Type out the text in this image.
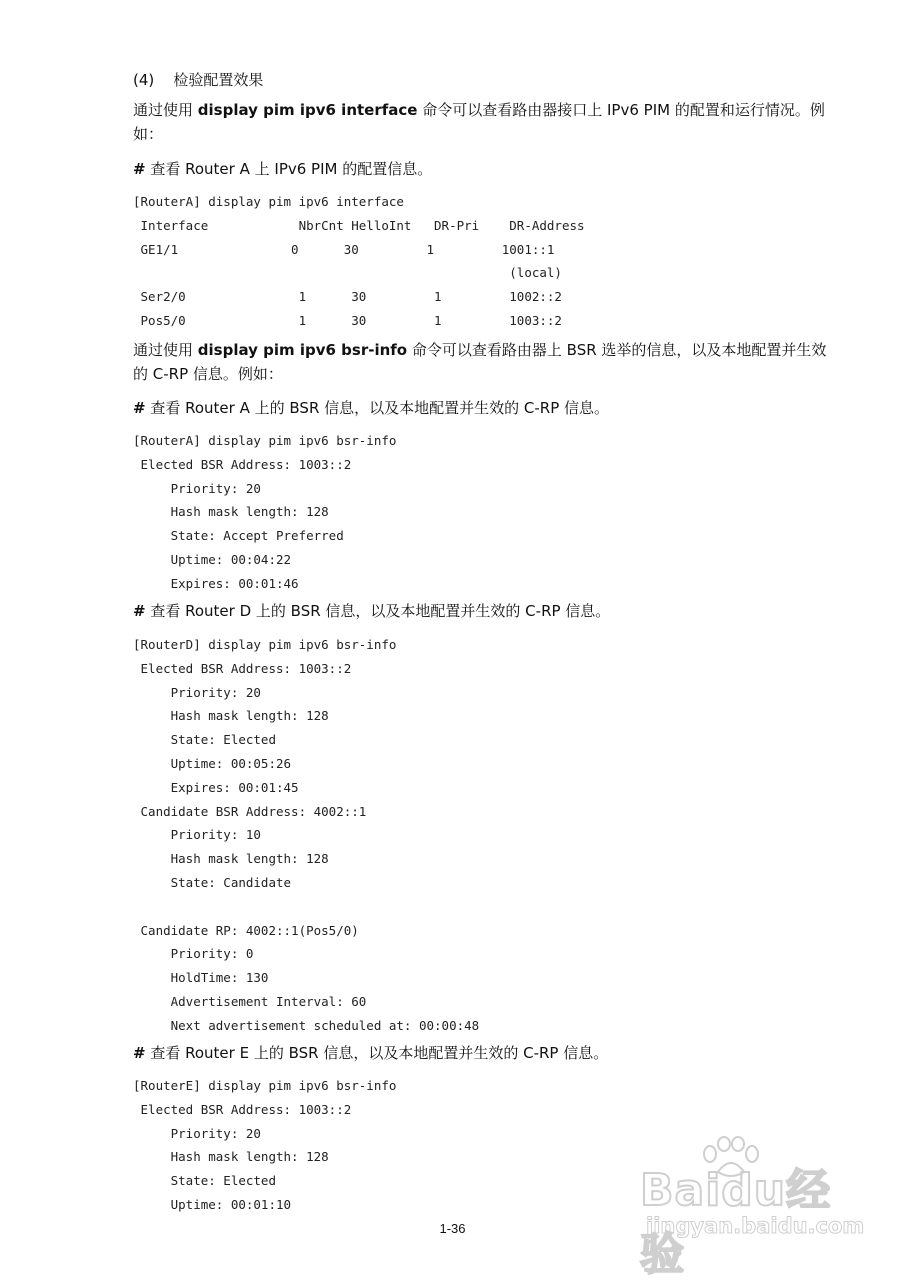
(4) 检验配置效果
通过使用 display pim ipv6 interface 命令可以查看路由器接口上 IPv6 PIM 的配置和运行情况。例如：
# 查看 Router A 上 IPv6 PIM 的配置信息。
[RouterA] display pim ipv6 interface
Interface            NbrCnt HelloInt   DR-Pri    DR-Address
GE1/1               0      30         1         1001::1
(local)
Ser2/0               1      30         1         1002::2
Pos5/0               1      30         1         1003::2
通过使用 display pim ipv6 bsr-info 命令可以查看路由器上 BSR 选举的信息，以及本地配置并生效的 C-RP 信息。例如：
# 查看 Router A 上的 BSR 信息，以及本地配置并生效的 C-RP 信息。
[RouterA] display pim ipv6 bsr-info
Elected BSR Address: 1003::2
Priority: 20
Hash mask length: 128
State: Accept Preferred
Uptime: 00:04:22
Expires: 00:01:46
# 查看 Router D 上的 BSR 信息，以及本地配置并生效的 C-RP 信息。
[RouterD] display pim ipv6 bsr-info
Elected BSR Address: 1003::2
Priority: 20
Hash mask length: 128
State: Elected
Uptime: 00:05:26
Expires: 00:01:45
Candidate BSR Address: 4002::1
Priority: 10
Hash mask length: 128
State: Candidate
Candidate RP: 4002::1(Pos5/0)
Priority: 0
HoldTime: 130
Advertisement Interval: 60
Next advertisement scheduled at: 00:00:48
# 查看 Router E 上的 BSR 信息，以及本地配置并生效的 C-RP 信息。
[RouterE] display pim ipv6 bsr-info
Elected BSR Address: 1003::2
Priority: 20
Hash mask length: 128
State: Elected
Uptime: 00:01:10
1-36
Baidu经验
jingyan.baidu.com
